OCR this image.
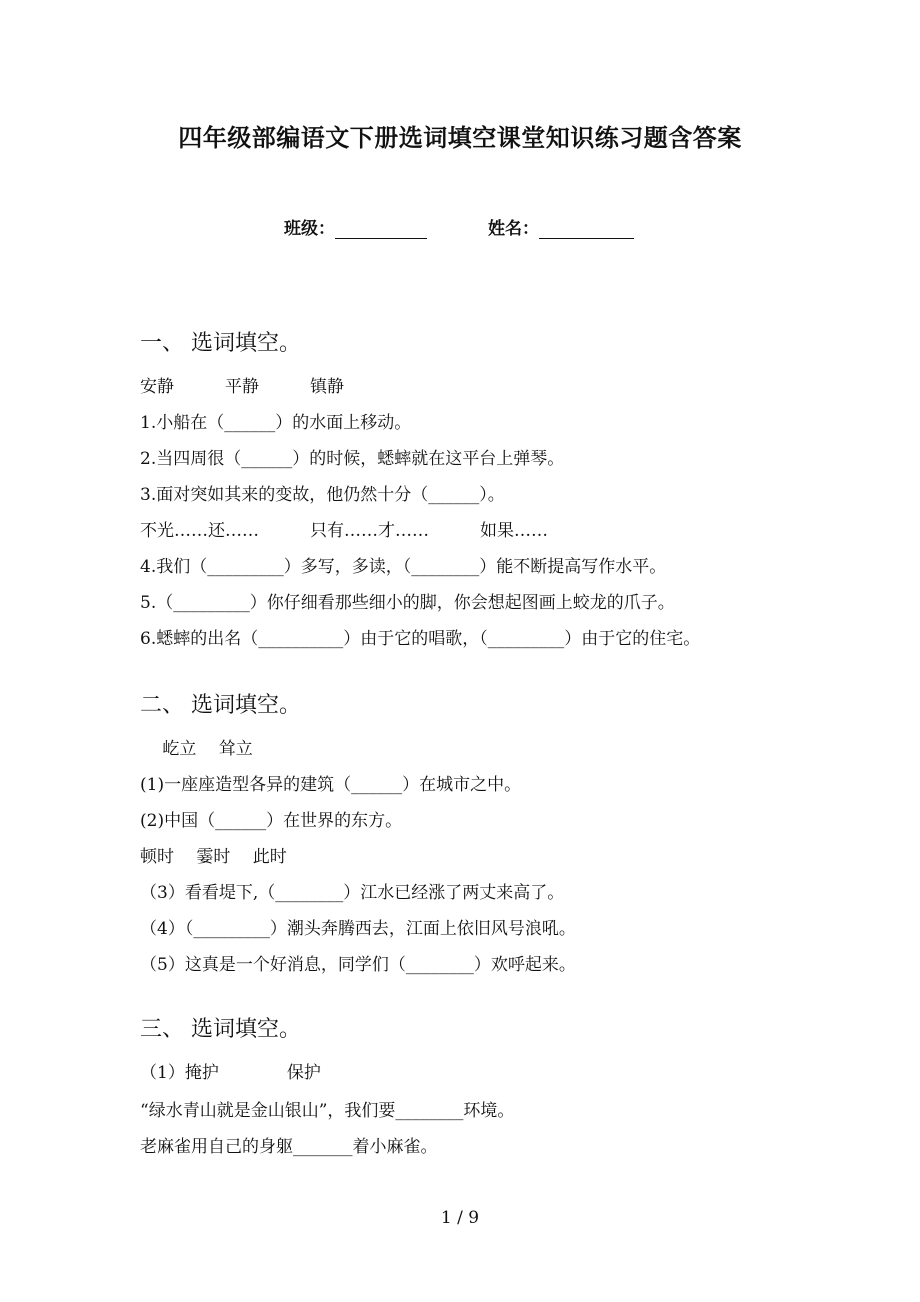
四年级部编语文下册选词填空课堂知识练习题含答案
班级：	姓名：
一、 选词填空。
安静　　　平静　　　镇静
1.小船在（______）的水面上移动。
2.当四周很（______）的时候，蟋蟀就在这平台上弹琴。
3.面对突如其来的变故，他仍然十分（______）。
不光……还……　　　只有……才……　　　如果……
4.我们（_________）多写，多读，（________）能不断提高写作水平。
5.（_________）你仔细看那些细小的脚，你会想起图画上蛟龙的爪子。
6.蟋蟀的出名（__________）由于它的唱歌，（_________）由于它的住宅。
二、 选词填空。
　 屹立　 耸立
(1)一座座造型各异的建筑（______）在城市之中。
(2)中国（______）在世界的东方。
顿时　 霎时　 此时
（3）看看堤下,（________）江水已经涨了两丈来高了。
（4）（_________）潮头奔腾西去，江面上依旧风号浪吼。
（5）这真是一个好消息，同学们（________）欢呼起来。
三、 选词填空。
（1）掩护　　　　保护
“绿水青山就是金山银山”，我们要________环境。
老麻雀用自己的身躯_______着小麻雀。
1 / 9
